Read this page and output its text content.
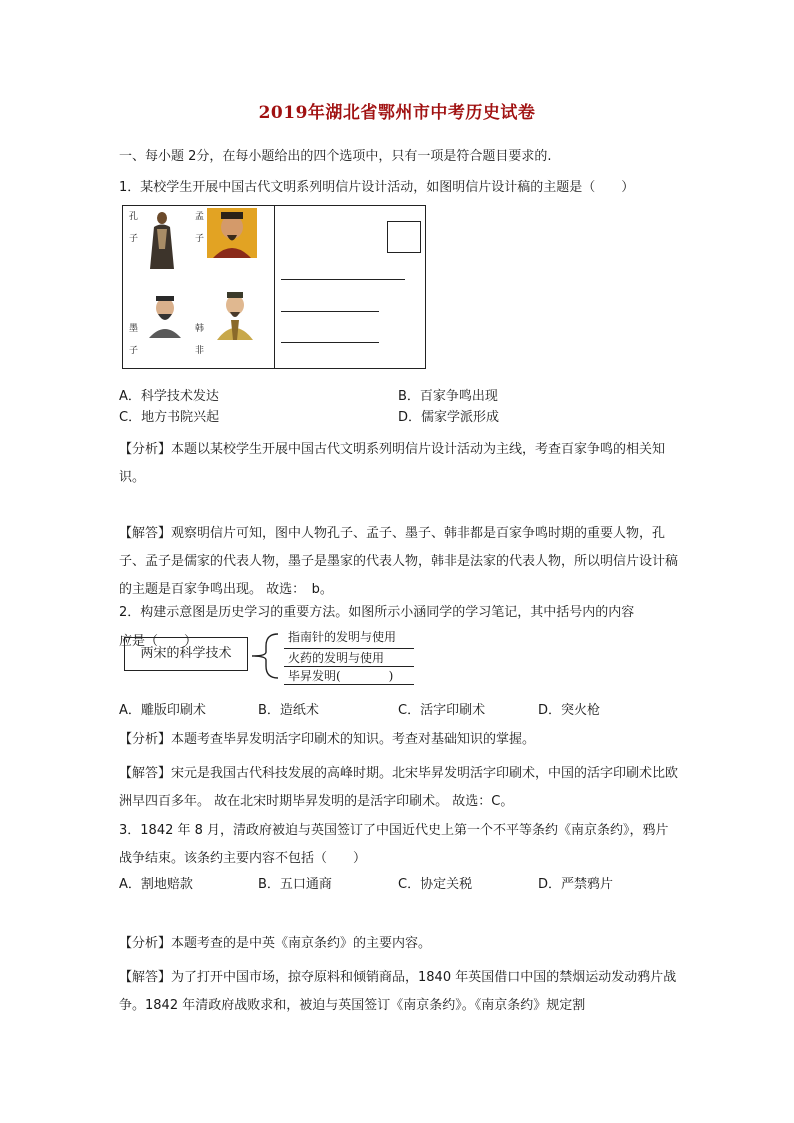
2019年湖北省鄂州市中考历史试卷
一、每小题 2分，在每小题给出的四个选项中，只有一项是符合题目要求的.
1．某校学生开展中国古代文明系列明信片设计活动，如图明信片设计稿的主题是（　　）
孔
子
孟
子
墨
子
韩
非
A．科学技术发达	B．百家争鸣出现
C．地方书院兴起	D．儒家学派形成
【分析】本题以某校学生开展中国古代文明系列明信片设计活动为主线，考查百家争鸣的相关知识。
【解答】观察明信片可知，图中人物孔子、孟子、墨子、韩非都是百家争鸣时期的重要人物，孔子、孟子是儒家的代表人物，墨子是墨家的代表人物，韩非是法家的代表人物，所以明信片设计稿的主题是百家争鸣出现。 故选：　b。
2．构建示意图是历史学习的重要方法。如图所示小涵同学的学习笔记，其中括号内的内容
应是（　　）
两宋的科学技术
指南针的发明与使用
火药的发明与使用
毕昇发明(　　　　)
A．雕版印刷术	B．造纸术	C．活字印刷术	D．突火枪
【分析】本题考查毕昇发明活字印刷术的知识。考查对基础知识的掌握。
【解答】宋元是我国古代科技发展的高峰时期。北宋毕昇发明活字印刷术，中国的活字印刷术比欧洲早四百多年。 故在北宋时期毕昇发明的是活字印刷术。 故选：C。
3．1842 年 8 月，清政府被迫与英国签订了中国近代史上第一个不平等条约《南京条约》，鸦片战争结束。该条约主要内容不包括（　　）
A．割地赔款	B．五口通商	C．协定关税	D．严禁鸦片
【分析】本题考查的是中英《南京条约》的主要内容。
【解答】为了打开中国市场，掠夺原料和倾销商品，1840 年英国借口中国的禁烟运动发动鸦片战争。1842 年清政府战败求和，被迫与英国签订《南京条约》。《南京条约》规定割
